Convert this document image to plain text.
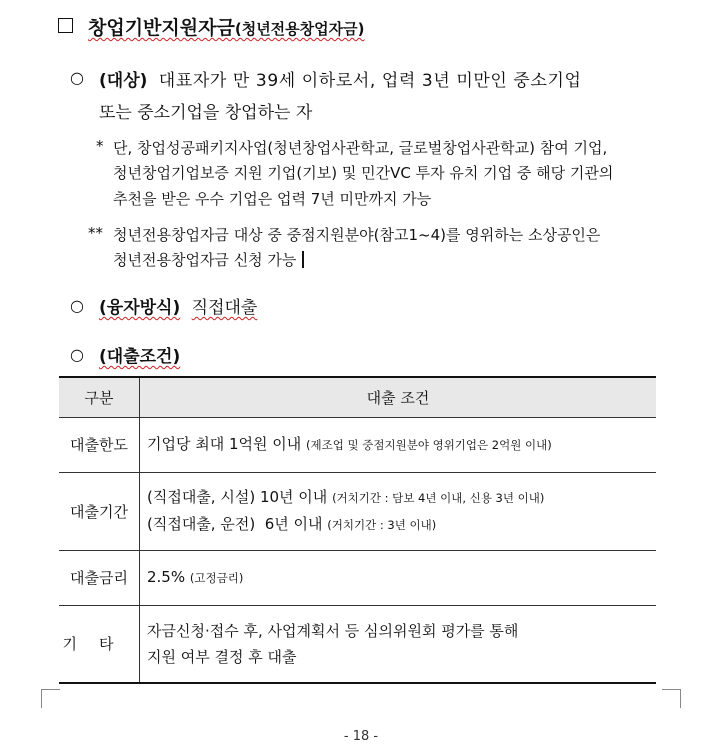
창업기반지원자금(청년전용창업자금)
○ (대상) 대표자가 만 39세 이하로서, 업력 3년 미만인 중소기업
또는 중소기업을 창업하는 자
* 단, 창업성공패키지사업(청년창업사관학교, 글로벌창업사관학교) 참여 기업,
청년창업기업보증 지원 기업(기보) 및 민간VC 투자 유치 기업 중 해당 기관의
추천을 받은 우수 기업은 업력 7년 미만까지 가능
** 청년전용창업자금 대상 중 중점지원분야(참고1~4)를 영위하는 소상공인은
청년전용창업자금 신청 가능
○ (융자방식) 직접대출
○ (대출조건)
구분	대출 조건
대출한도	기업당 최대 1억원 이내 (제조업 및 중점지원분야 영위기업은 2억원 이내)
대출기간	(직접대출, 시설) 10년 이내 (거치기간 : 담보 4년 이내, 신용 3년 이내)
(직접대출, 운전)  6년 이내 (거치기간 : 3년 이내)

대출금리	2.5% (고정금리)
기타	자금신청·접수 후, 사업계획서 등 심의위원회 평가를 통해
지원 여부 결정 후 대출
- 18 -
